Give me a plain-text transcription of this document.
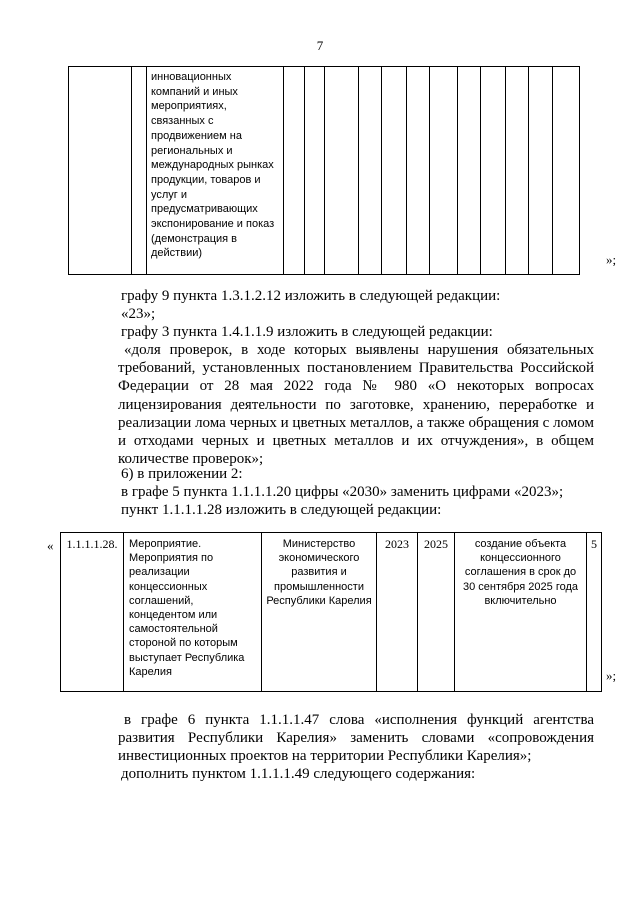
7
		инновационных компаний и иных мероприятиях, связанных с продвижением на региональных и международных рынках продукции, товаров и услуг и предусматривающих экспонирование и показ (демонстрация в действии)													»;
графу 9 пункта 1.3.1.2.12 изложить в следующей редакции:
«23»;
графу 3 пункта 1.4.1.1.9 изложить в следующей редакции:
«доля проверок, в ходе которых выявлены нарушения обязательных требований, установленных постановлением Правительства Российской Федерации от 28 мая 2022 года № 980 «О некоторых вопросах лицензирования деятельности по заготовке, хранению, переработке и реализации лома черных и цветных металлов, а также обращения с ломом и отходами черных и цветных металлов и их отчуждения», в общем количестве проверок»;
6) в приложении 2:
в графе 5 пункта 1.1.1.1.20 цифры «2030» заменить цифрами «2023»;
пункт 1.1.1.1.28 изложить в следующей редакции:
« 1.1.1.1.28.	Мероприятие. Мероприятия по реализации концессионных соглашений, концедентом или самостоятельной стороной по которым выступает Республика Карелия	Министерство экономического развития и промышленности Республики Карелия	2023	2025	создание объекта концессионного соглашения в срок до 30 сентября 2025 года включительно	5
»;
в графе 6 пункта 1.1.1.1.47 слова «исполнения функций агентства развития Республики Карелия» заменить словами «сопровождения инвестиционных проектов на территории Республики Карелия»;
дополнить пунктом 1.1.1.1.49 следующего содержания:
